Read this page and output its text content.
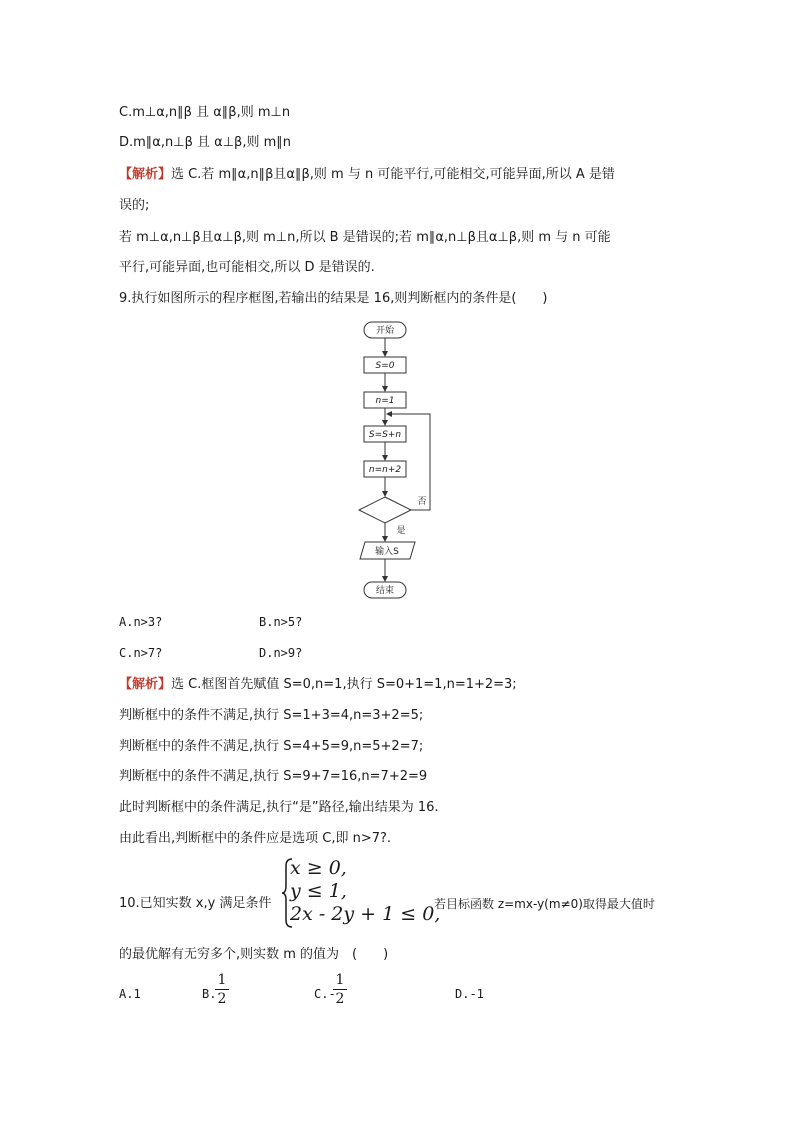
C.m⊥α,n∥β 且 α∥β,则 m⊥n
D.m∥α,n⊥β 且 α⊥β,则 m∥n
【解析】选 C.若 m∥α,n∥β且α∥β,则 m 与 n 可能平行,可能相交,可能异面,所以 A 是错
误的;
若 m⊥α,n⊥β且α⊥β,则 m⊥n,所以 B 是错误的;若 m∥α,n⊥β且α⊥β,则 m 与 n 可能
平行,可能异面,也可能相交,所以 D 是错误的.
9.执行如图所示的程序框图,若输出的结果是 16,则判断框内的条件是(　　)
开始
S=0
n=1
S=S+n
n=n+2
否
是
输入S
结束
A.n>3?	B.n>5?
C.n>7?	D.n>9?
【解析】选 C.框图首先赋值 S=0,n=1,执行 S=0+1=1,n=1+2=3;
判断框中的条件不满足,执行 S=1+3=4,n=3+2=5;
判断框中的条件不满足,执行 S=4+5=9,n=5+2=7;
判断框中的条件不满足,执行 S=9+7=16,n=7+2=9
此时判断框中的条件满足,执行“是”路径,输出结果为 16.
由此看出,判断框中的条件应是选项 C,即 n>7?.
10.已知实数 x,y 满足条件
x ≥ 0,
y ≤ 1,
2x - 2y + 1 ≤ 0,
若目标函数 z=mx-y(m≠0)取得最大值时
的最优解有无穷多个,则实数 m 的值为　(　　)
A.1	B.
1
2	C.-
1
2	D.-1
